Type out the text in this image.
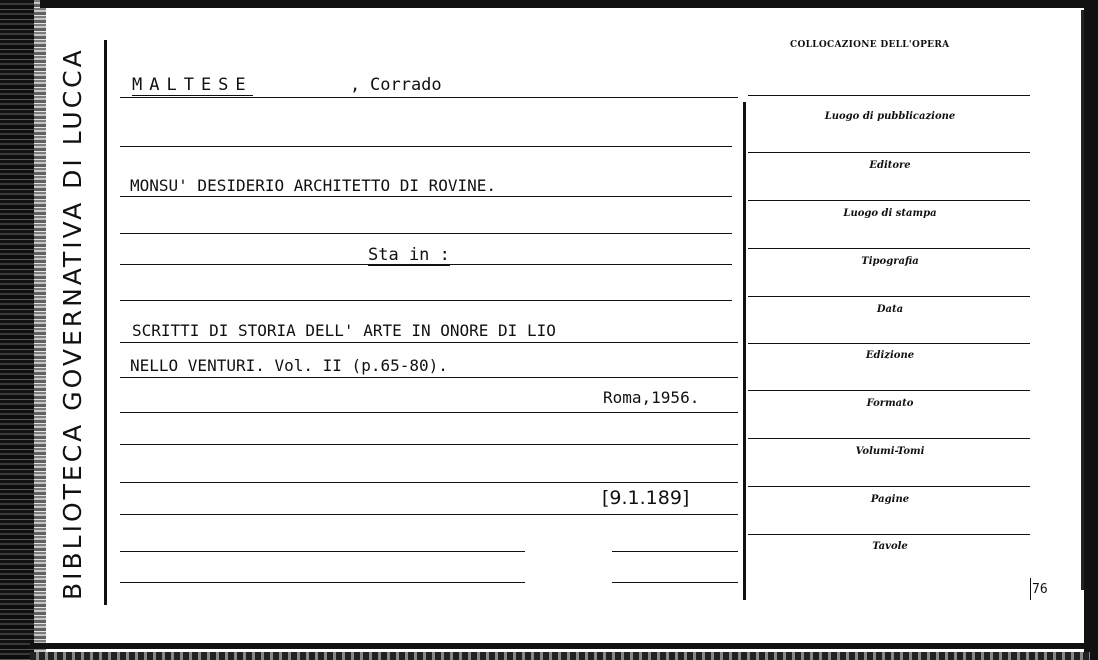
BIBLIOTECA GOVERNATIVA DI LUCCA	MALTESE	, Corrado
MONSU' DESIDERIO ARCHITETTO DI ROVINE.
Sta in :
SCRITTI DI STORIA DELL' ARTE IN ONORE DI LIO
NELLO VENTURI. Vol. II (p.65-80).
Roma,1956.
[9.1.189]
COLLOCAZIONE DELL'OPERA
Luogo di pubblicazione
Editore
Luogo di stampa
Tipografia
Data
Edizione
Formato
Volumi-Tomi
Pagine
Tavole
76
